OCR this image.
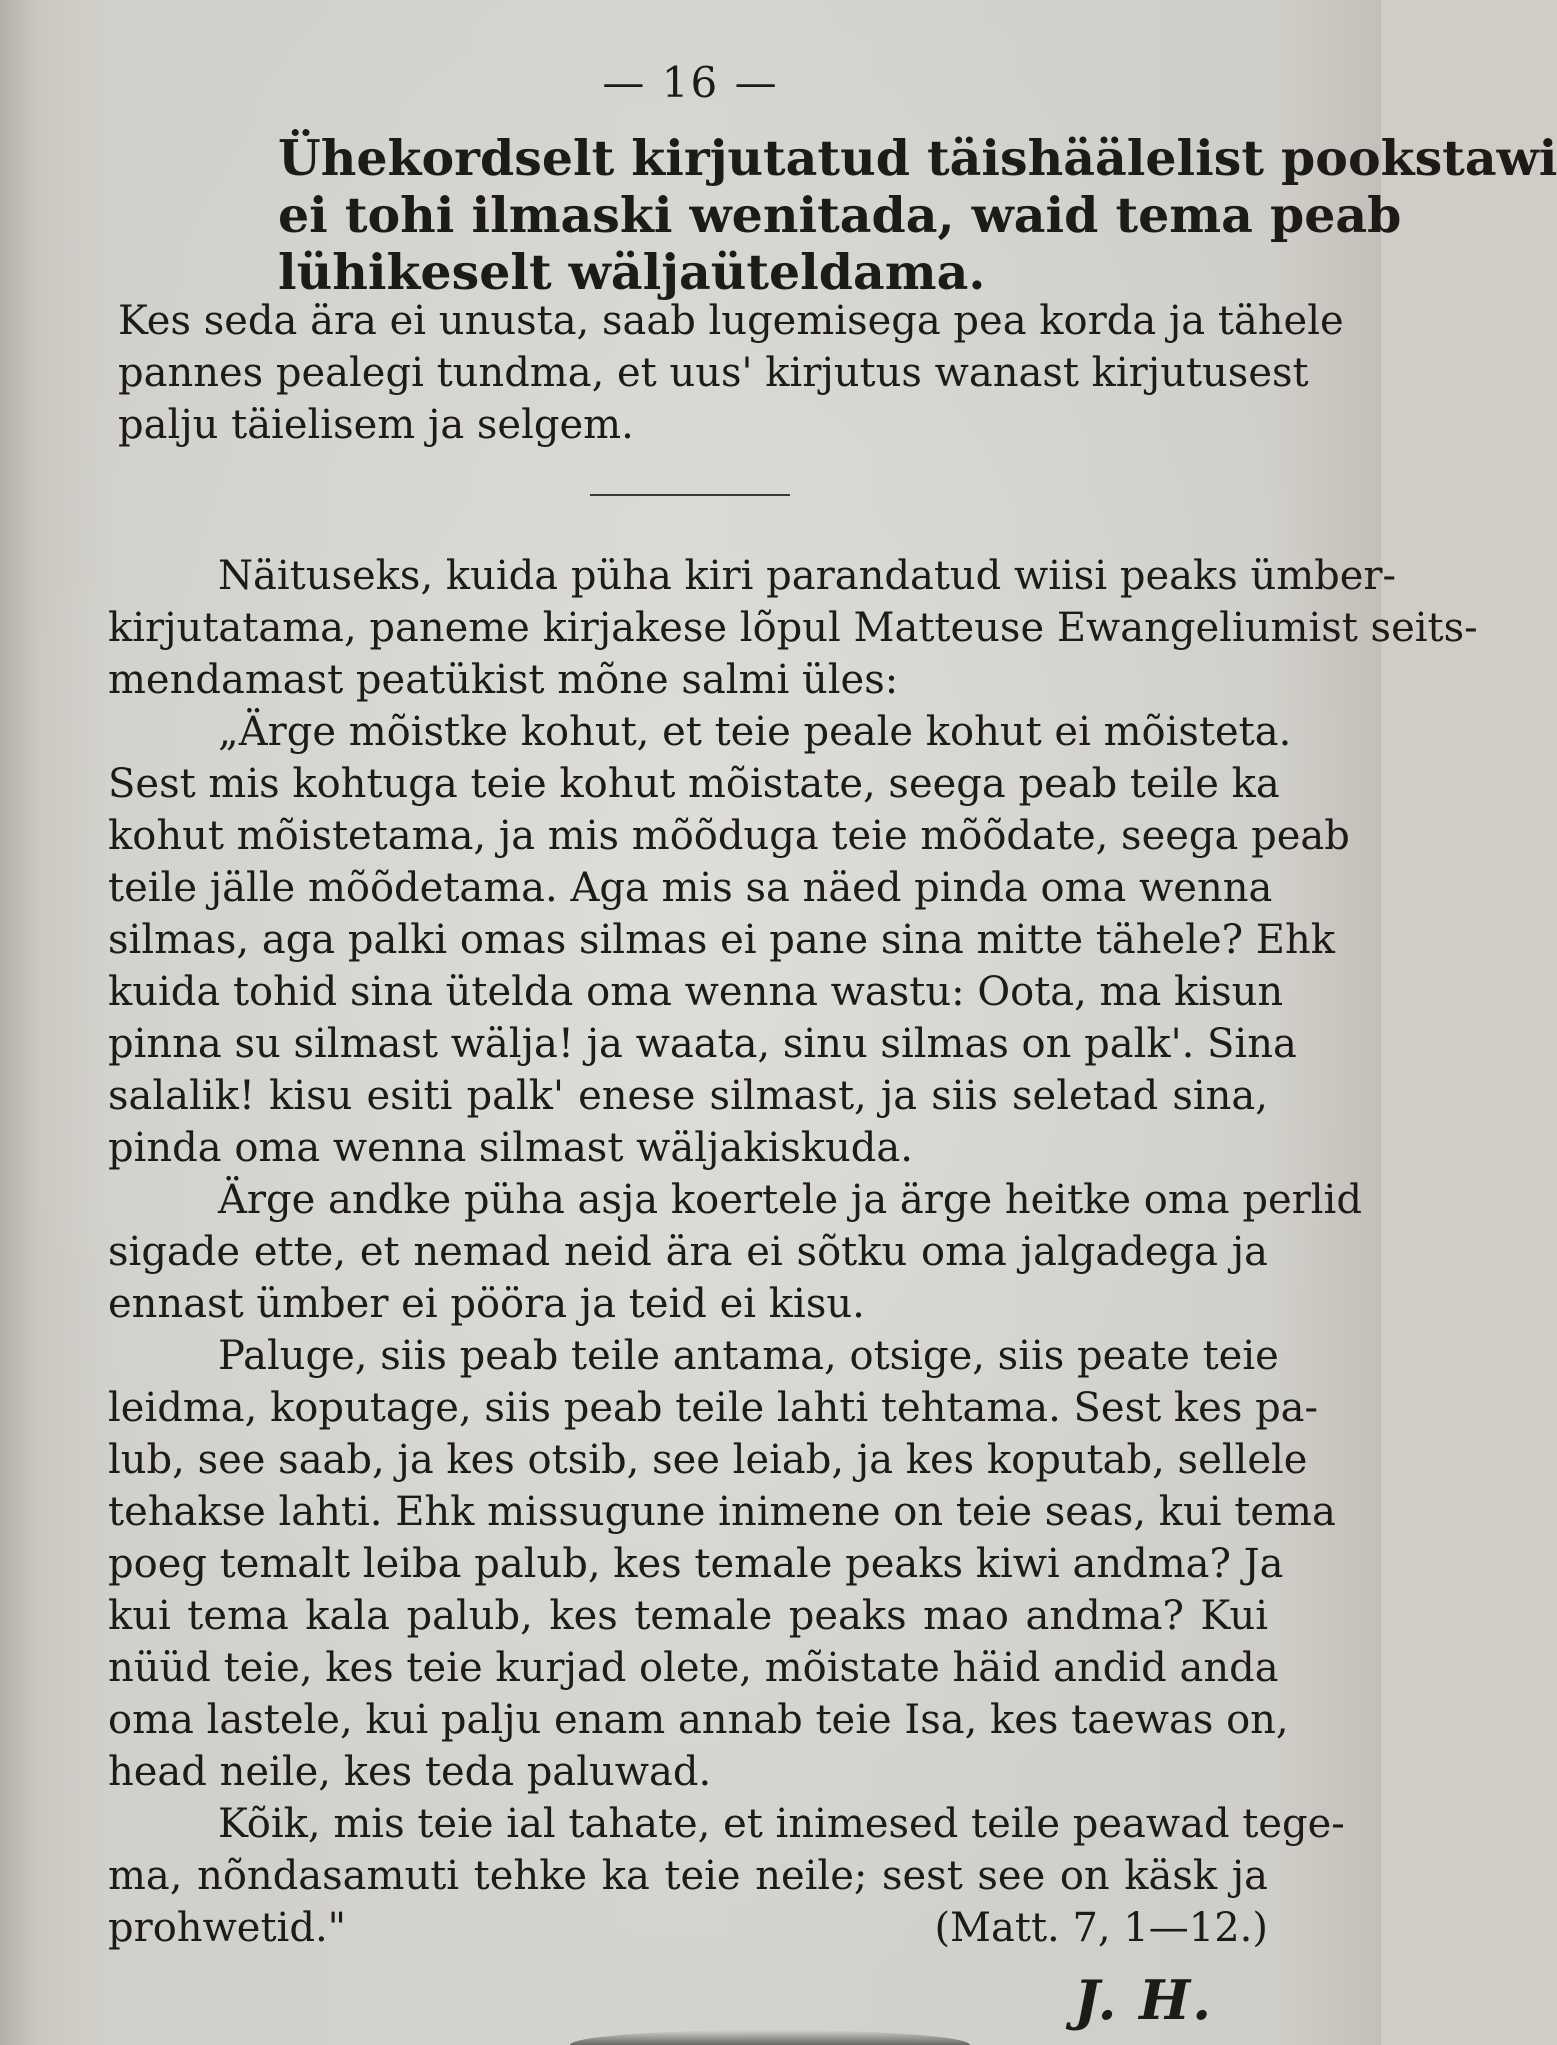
— 16 —
Ühekordselt kirjutatud täishäälelist pookstawi
ei tohi ilmaski wenitada, waid tema peab
lühikeselt wäljaüteldama.
Kes seda ära ei unusta, saab lugemisega pea korda ja tähele
pannes pealegi tundma, et uus' kirjutus wanast kirjutusest
palju täielisem ja selgem.
Näituseks, kuida püha kiri parandatud wiisi peaks ümber-
kirjutatama, paneme kirjakese lõpul Matteuse Ewangeliumist seits-
mendamast peatükist mõne salmi üles:
„Ärge mõistke kohut, et teie peale kohut ei mõisteta.
Sest mis kohtuga teie kohut mõistate, seega peab teile ka
kohut mõistetama, ja mis mõõduga teie mõõdate, seega peab
teile jälle mõõdetama. Aga mis sa näed pinda oma wenna
silmas, aga palki omas silmas ei pane sina mitte tähele? Ehk
kuida tohid sina ütelda oma wenna wastu: Oota, ma kisun
pinna su silmast wälja! ja waata, sinu silmas on palk'. Sina
salalik! kisu esiti palk' enese silmast, ja siis seletad sina,
pinda oma wenna silmast wäljakiskuda.
Ärge andke püha asja koertele ja ärge heitke oma perlid
sigade ette, et nemad neid ära ei sõtku oma jalgadega ja
ennast ümber ei pööra ja teid ei kisu.
Paluge, siis peab teile antama, otsige, siis peate teie
leidma, koputage, siis peab teile lahti tehtama. Sest kes pa-
lub, see saab, ja kes otsib, see leiab, ja kes koputab, sellele
tehakse lahti. Ehk missugune inimene on teie seas, kui tema
poeg temalt leiba palub, kes temale peaks kiwi andma? Ja
kui tema kala palub, kes temale peaks mao andma? Kui
nüüd teie, kes teie kurjad olete, mõistate häid andid anda
oma lastele, kui palju enam annab teie Isa, kes taewas on,
head neile, kes teda paluwad.
Kõik, mis teie ial tahate, et inimesed teile peawad tege-
ma, nõndasamuti tehke ka teie neile; sest see on käsk ja
prohwetid."	(Matt. 7, 1—12.)
J. H.
